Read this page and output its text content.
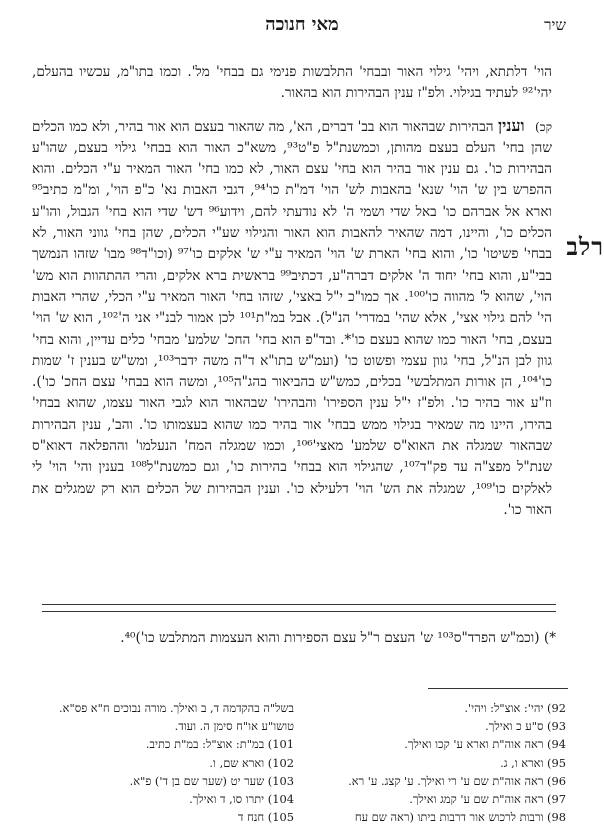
שיר
מאי חנוכה
רלב

הוי' דלתתא, ויהי' גילוי האור ובבחי' התלבשות פנימי גם בבחי' מל'. וכמו בתו"מ, עכשיו בהעלם, יהי'⁹² לעתיד בגילוי. ולפ"ז ענין הבהירות הוא בהאור.

קכ) וענין הבהירות שבהאור הוא בב' דברים, הא', מה שהאור בעצם הוא אור בהיר, ולא כמו הכלים שהן בחי' העלם בעצם מהותן, וכמשנת"ל פ"ט⁹³, משא"כ האור הוא בבחי' גילוי בעצם, שהו"ע הבהירות כו'. גם ענין אור בהיר הוא בחי' עצם האור, לא כמו בחי' האור המאיר ע"י הכלים. והוא ההפרש בין ש' הוי' שנא' בהאבות לש' הוי' דמ"ת כו'⁹⁴, דגבי האבות נא' כ"פ הוי', ומ"מ כתיב⁹⁵ וארא אל אברהם כו' באל שדי ושמי ה' לא נודעתי להם, וידוע⁹⁶ דש' שדי הוא בחי' הגבול, והו"ע הכלים כו', והיינו, דמה שהאיר להאבות הוא האור והגילוי שע"י הכלים, שהן בחי' גווני האור, לא בבחי' פשיטו' כו', והוא בחי' הארת ש' הוי' המאיר ע"י ש' אלקים כו'⁹⁷ (וכו"ד⁹⁸ מבו' שזהו הנמשך בבי"ע, והוא בחי' יחוד ה' אלקים דברה"ע, דכתיב⁹⁹ בראשית ברא אלקים, והרי ההתהוות הוא מש' הוי', שהוא ל' מהווה כו'¹⁰⁰. אך כמו"כ י"ל באצי', שזהו בחי' האור המאיר ע"י הכלי, שהרי האבות הי' להם גילוי אצי', אלא שהי' במדרי' הנ"ל). אבל במ"ת¹⁰¹ לכן אמור לבנ"י אני ה'¹⁰², הוא ש' הוי' בעצם, בחי' האור כמו שהוא בעצם כו'*. ובד"פ הוא בחי' החכ' שלמע' מבחי' כלים עדיין, והוא בחי' גוון לבן הנ"ל, בחי' גוון עצמי ופשוט כו' (ועמ"ש בתו"א ד"ה משה ידבר¹⁰³, ומש"ש בענין ז' שמות כו'¹⁰⁴, הן אורות המתלבשי' בכלים, כמש"ש בהביאור בהג"ה¹⁰⁵, ומשה הוא בבחי' עצם החכ' כו'). וז"ע אור בהיר כו'. ולפ"ז י"ל ענין הספירו' והבהירו' שבהאור הוא לגבי האור עצמו, שהוא בבחי' בהירו, היינו מה שמאיר בגילוי ממש בבחי' אור בהיר כמו שהוא בעצמותו כו'. והב', ענין הבהירות שבהאור שמגלה את האוא"ס שלמע' מאצי'¹⁰⁶, וכמו שמגלה המח' הנעלמו' וההפלאה דאוא"ס שנת"ל מפצ"ה עד פק"ד¹⁰⁷, שהגילוי הוא בבחי' בהירות כו', וגם כמשנת"ל¹⁰⁸ בענין והי' הוי' לי לאלקים כו'¹⁰⁹, שמגלה את הש' הוי' דלעילא כו'. וענין הבהירות של הכלים הוא רק שמגלים את האור כו'.

*) (וכמ"ש הפרד"ס¹⁰³ ש' העצם ר"ל עצם הספירות והוא העצמות המתלבש כו')⁴⁰.
92) יהי': אוצ"ל: ויהי'.
93) ס"ע כ ואילך.
94) ראה אוה"ת וארא ע' קכו ואילך.
95) וארא ו, ג.
96) ראה אוה"ת שם ע' רי ואילך. ע' קצג. ע' רא.
97) ראה אוה"ת שם ע' קמג ואילך.
98) ורבות לרכוש אור דרבות ביתו (ראה שם עח
בשל"ה בהקדמה ד, ב ואילך. מורה נבוכים ח"א פס"א.
טושו"ע או"ח סימן ה. ועוד.
101) במ"ת: אוצ"ל: במ"ת כתיב.
102) וארא שם, ו.
103) שער יט (שער שם בן ד') פ"א.
104) יתרו סו, ד ואילך.
105) חנח ד
